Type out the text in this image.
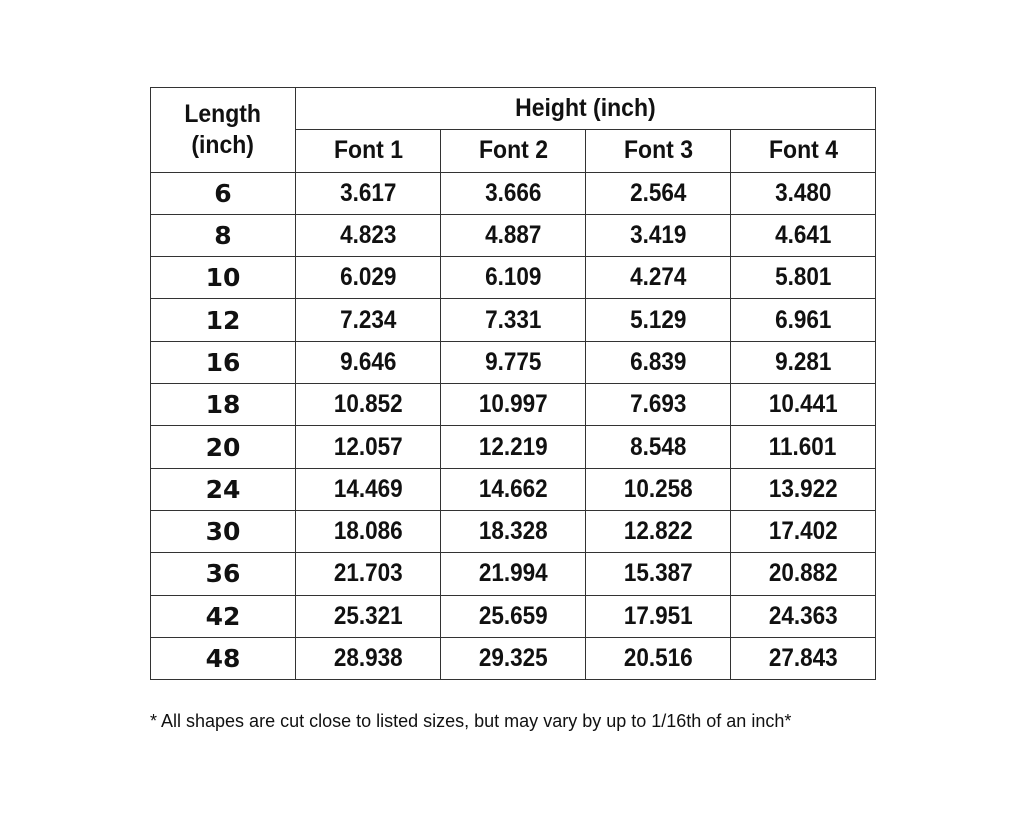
Length
(inch)	Height (inch)			
	Font 1	Font 2	Font 3	Font 4
6	3.617	3.666	2.564	3.480
8	4.823	4.887	3.419	4.641
10	6.029	6.109	4.274	5.801
12	7.234	7.331	5.129	6.961
16	9.646	9.775	6.839	9.281
18	10.852	10.997	7.693	10.441
20	12.057	12.219	8.548	11.601
24	14.469	14.662	10.258	13.922
30	18.086	18.328	12.822	17.402
36	21.703	21.994	15.387	20.882
42	25.321	25.659	17.951	24.363
48	28.938	29.325	20.516	27.843
* All shapes are cut close to listed sizes, but may vary by up to 1/16th of an inch*
